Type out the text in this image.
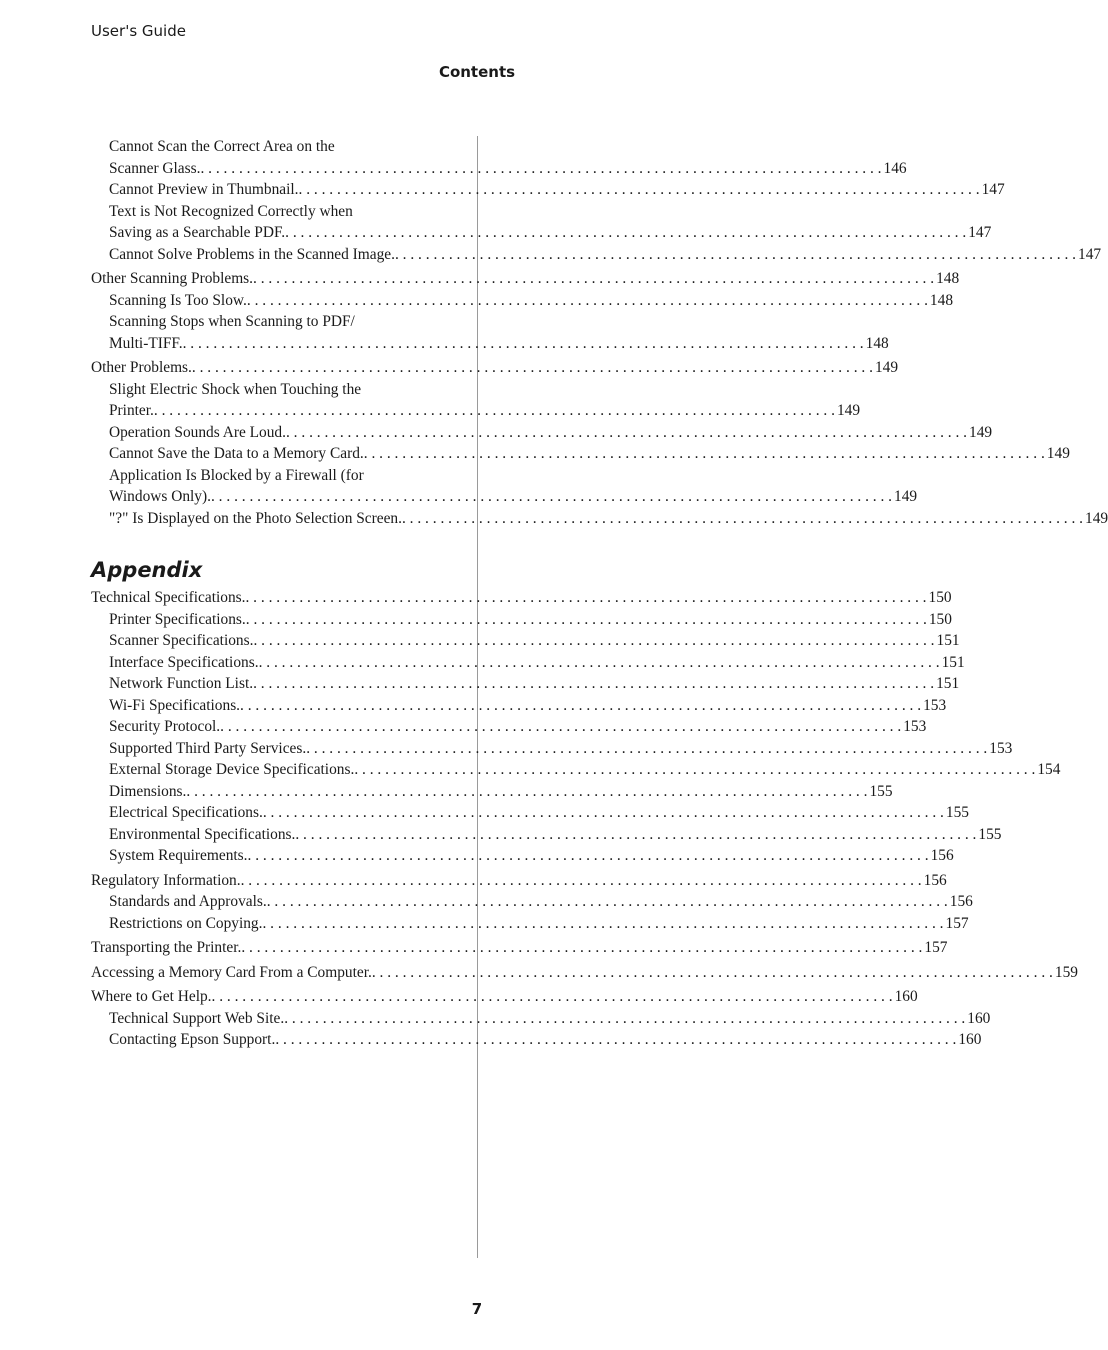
User's Guide
Contents
Cannot Scan the Correct Area on the
Scanner Glass. . . .	146
Cannot Preview in Thumbnail. . . .	147
Text is Not Recognized Correctly when
Saving as a Searchable PDF. . . .	147
Cannot Solve Problems in the Scanned Image. . . .	147
Other Scanning Problems. . . .	148
Scanning Is Too Slow. . . .	148
Scanning Stops when Scanning to PDF/
Multi-TIFF. . . .	148
Other Problems. . . .	149
Slight Electric Shock when Touching the
Printer. . . .	149
Operation Sounds Are Loud. . . .	149
Cannot Save the Data to a Memory Card. . . .	149
Application Is Blocked by a Firewall (for
Windows Only). . . .	149
"?" Is Displayed on the Photo Selection Screen. . . .	149
Appendix
Technical Specifications. . . .	150
Printer Specifications. . . .	150
Scanner Specifications. . . .	151
Interface Specifications. . . .	151
Network Function List. . . .	151
Wi-Fi Specifications. . . .	153
Security Protocol. . . .	153
Supported Third Party Services. . . .	153
External Storage Device Specifications. . . .	154
Dimensions. . . .	155
Electrical Specifications. . . .	155
Environmental Specifications. . . .	155
System Requirements. . . .	156
Regulatory Information. . . .	156
Standards and Approvals. . . .	156
Restrictions on Copying. . . .	157
Transporting the Printer. . . .	157
Accessing a Memory Card From a Computer. . . .	159
Where to Get Help. . . .	160
Technical Support Web Site. . . .	160
Contacting Epson Support. . . .	160
7
